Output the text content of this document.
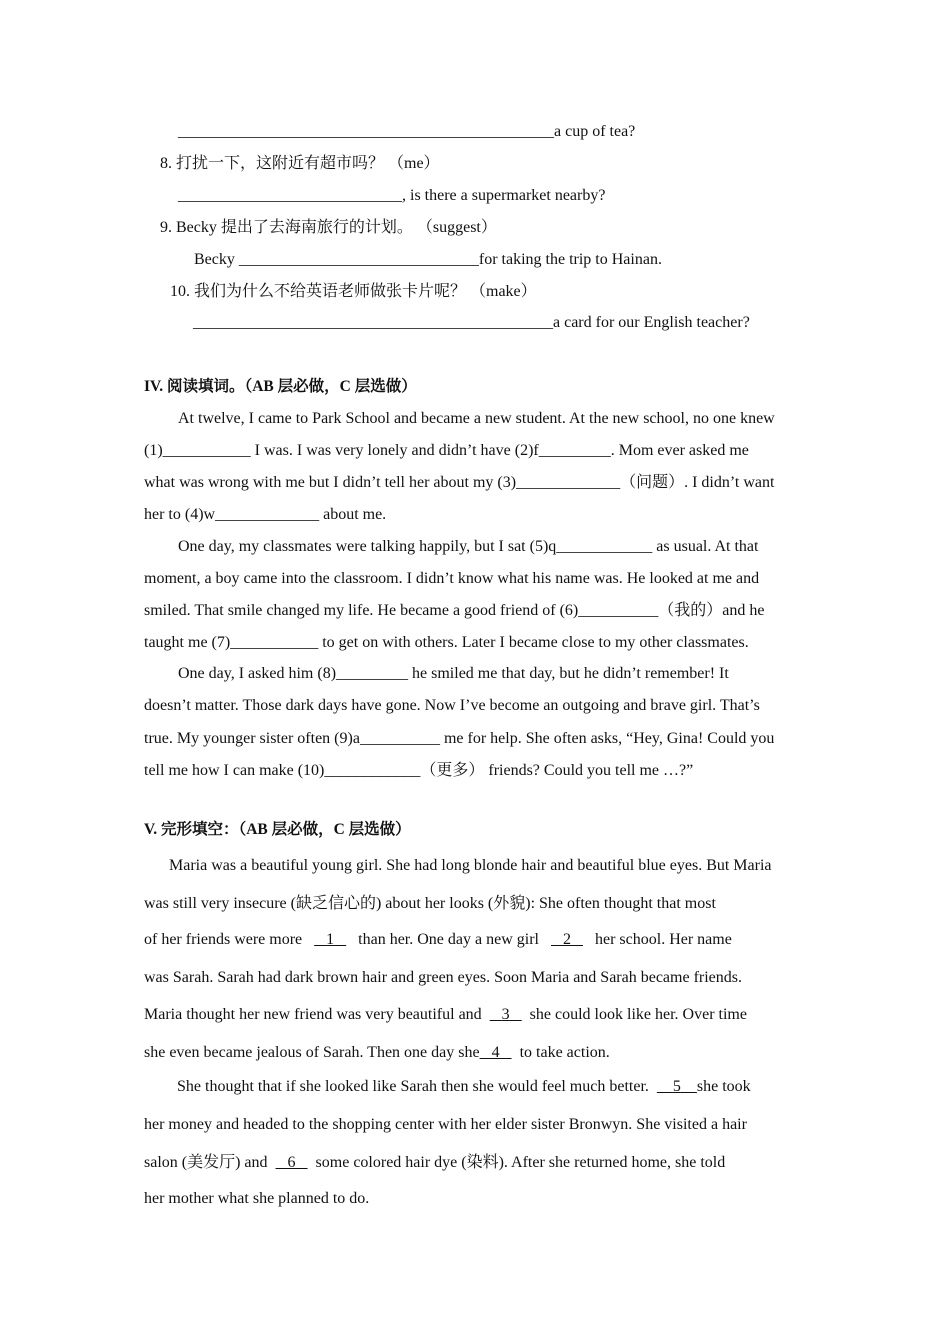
_______________________________________________a cup of tea?
8. 打扰一下，这附近有超市吗？ （me）
____________________________, is there a supermarket nearby?
9. Becky 提出了去海南旅行的计划。 （suggest）
Becky ______________________________for taking the trip to Hainan.
10. 我们为什么不给英语老师做张卡片呢？ （make）
_____________________________________________a card for our English teacher?
IV. 阅读填词。（AB 层必做，C 层选做）
At twelve, I came to Park School and became a new student. At the new school, no one knew
(1)___________ I was. I was very lonely and didn’t have (2)f_________. Mom ever asked me
what was wrong with me but I didn’t tell her about my (3)_____________（问题）. I didn’t want
her to (4)w_____________ about me.
One day, my classmates were talking happily, but I sat (5)q____________ as usual. At that
moment, a boy came into the classroom. I didn’t know what his name was. He looked at me and
smiled. That smile changed my life. He became a good friend of (6)__________（我的）and he
taught me (7)___________ to get on with others. Later I became close to my other classmates.
One day, I asked him (8)_________ he smiled me that day, but he didn’t remember! It
doesn’t matter. Those dark days have gone. Now I’ve become an outgoing and brave girl. That’s
true. My younger sister often (9)a__________ me for help. She often asks, “Hey, Gina! Could you
tell me how I can make (10)____________（更多） friends? Could you tell me …?”
V. 完形填空：（AB 层必做，C 层选做）
Maria was a beautiful young girl. She had long blonde hair and beautiful blue eyes. But Maria
was still very insecure (缺乏信心的) about her looks (外貌): She often thought that most
of her friends were more 1 than her. One day a new girl 2 her school. Her name
was Sarah. Sarah had dark brown hair and green eyes. Soon Maria and Sarah became friends.
Maria thought her new friend was very beautiful and 3 she could look like her. Over time
she even became jealous of Sarah. Then one day she 4 to take action.
She thought that if she looked like Sarah then she would feel much better. 5 she took
her money and headed to the shopping center with her elder sister Bronwyn. She visited a hair
salon (美发厅) and 6 some colored hair dye (染料). After she returned home, she told
her mother what she planned to do.
